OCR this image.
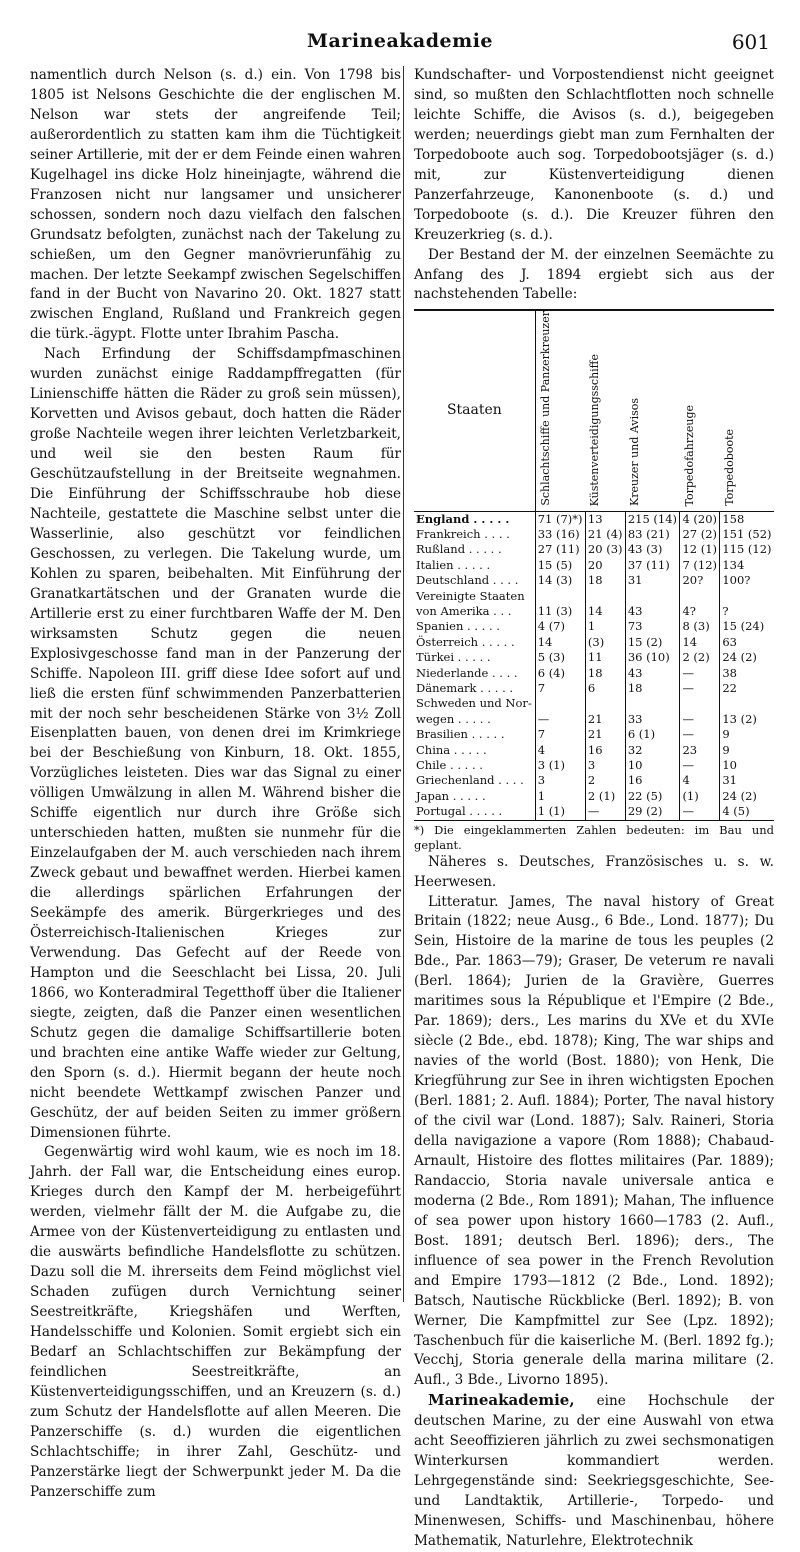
Marineakademie	601

namentlich durch Nelson (s. d.) ein. Von 1798 bis 1805 ist Nelsons Geschichte die der englischen M. Nelson war stets der angreifende Teil; außerordentlich zu statten kam ihm die Tüchtigkeit seiner Artillerie, mit der er dem Feinde einen wahren Kugelhagel ins dicke Holz hineinjagte, während die Franzosen nicht nur langsamer und unsicherer schossen, sondern noch dazu vielfach den falschen Grundsatz befolgten, zunächst nach der Takelung zu schießen, um den Gegner manövrierunfähig zu machen. Der letzte Seekampf zwischen Segelschiffen fand in der Bucht von Navarino 20. Okt. 1827 statt zwischen England, Rußland und Frankreich gegen die türk.-ägypt. Flotte unter Ibrahim Pascha.

Nach Erfindung der Schiffsdampfmaschinen wurden zunächst einige Raddampffregatten (für Linienschiffe hätten die Räder zu groß sein müssen), Korvetten und Avisos gebaut, doch hatten die Räder große Nachteile wegen ihrer leichten Verletzbarkeit, und weil sie den besten Raum für Geschützaufstellung in der Breitseite wegnahmen. Die Einführung der Schiffsschraube hob diese Nachteile, gestattete die Maschine selbst unter die Wasserlinie, also geschützt vor feindlichen Geschossen, zu verlegen. Die Takelung wurde, um Kohlen zu sparen, beibehalten. Mit Einführung der Granatkartätschen und der Granaten wurde die Artillerie erst zu einer furchtbaren Waffe der M. Den wirksamsten Schutz gegen die neuen Explosivgeschosse fand man in der Panzerung der Schiffe. Napoleon III. griff diese Idee sofort auf und ließ die ersten fünf schwimmenden Panzerbatterien mit der noch sehr bescheidenen Stärke von 3½ Zoll Eisenplatten bauen, von denen drei im Krimkriege bei der Beschießung von Kinburn, 18. Okt. 1855, Vorzügliches leisteten. Dies war das Signal zu einer völligen Umwälzung in allen M. Während bisher die Schiffe eigentlich nur durch ihre Größe sich unterschieden hatten, mußten sie nunmehr für die Einzelaufgaben der M. auch verschieden nach ihrem Zweck gebaut und bewaffnet werden. Hierbei kamen die allerdings spärlichen Erfahrungen der Seekämpfe des amerik. Bürgerkrieges und des Österreichisch-Italienischen Krieges zur Verwendung. Das Gefecht auf der Reede von Hampton und die Seeschlacht bei Lissa, 20. Juli 1866, wo Konteradmiral Tegetthoff über die Italiener siegte, zeigten, daß die Panzer einen wesentlichen Schutz gegen die damalige Schiffsartillerie boten und brachten eine antike Waffe wieder zur Geltung, den Sporn (s. d.). Hiermit begann der heute noch nicht beendete Wettkampf zwischen Panzer und Geschütz, der auf beiden Seiten zu immer größern Dimensionen führte.

Gegenwärtig wird wohl kaum, wie es noch im 18. Jahrh. der Fall war, die Entscheidung eines europ. Krieges durch den Kampf der M. herbeigeführt werden, vielmehr fällt der M. die Aufgabe zu, die Armee von der Küstenverteidigung zu entlasten und die auswärts befindliche Handelsflotte zu schützen. Dazu soll die M. ihrerseits dem Feind möglichst viel Schaden zufügen durch Vernichtung seiner Seestreitkräfte, Kriegshäfen und Werften, Handelsschiffe und Kolonien. Somit ergiebt sich ein Bedarf an Schlachtschiffen zur Bekämpfung der feindlichen Seestreitkräfte, an Küstenverteidigungsschiffen, und an Kreuzern (s. d.) zum Schutz der Handelsflotte auf allen Meeren. Die Panzerschiffe (s. d.) wurden die eigentlichen Schlachtschiffe; in ihrer Zahl, Geschütz- und Panzerstärke liegt der Schwerpunkt jeder M. Da die Panzerschiffe zum

Kundschafter- und Vorpostendienst nicht geeignet sind, so mußten den Schlachtflotten noch schnelle leichte Schiffe, die Avisos (s. d.), beigegeben werden; neuerdings giebt man zum Fernhalten der Torpedoboote auch sog. Torpedobootsjäger (s. d.) mit, zur Küstenverteidigung dienen Panzerfahrzeuge, Kanonenboote (s. d.) und Torpedoboote (s. d.). Die Kreuzer führen den Kreuzerkrieg (s. d.).

Der Bestand der M. der einzelnen Seemächte zu Anfang des J. 1894 ergiebt sich aus der nachstehenden Tabelle:

Staaten	Schlachtschiffe und Panzerkreuzer	Küstenverteidigungsschiffe	Kreuzer und Avisos	Torpedofahrzeuge	Torpedoboote
England . . . . .	71 (7)*)	13	215 (14)	4 (20)	158
Frankreich . . . .	33 (16)	21 (4)	83 (21)	27 (2)	151 (52)
Rußland . . . . .	27 (11)	20 (3)	43 (3)	12 (1)	115 (12)
Italien . . . . .	15 (5)	20	37 (11)	7 (12)	134
Deutschland . . . .	14 (3)	18	31	20?	100?
Vereinigte Staaten					
von Amerika . . .	11 (3)	14	43	4?	?
Spanien . . . . .	4 (7)	1	73	8 (3)	15 (24)
Österreich . . . . .	14	(3)	15 (2)	14	63
Türkei . . . . .	5 (3)	11	36 (10)	2 (2)	24 (2)
Niederlande . . . .	6 (4)	18	43	—	38
Dänemark . . . . .	7	6	18	—	22
Schweden und Nor-					
wegen . . . . .	—	21	33	—	13 (2)
Brasilien . . . . .	7	21	6 (1)	—	9
China . . . . .	4	16	32	23	9
Chile . . . . .	3 (1)	3	10	—	10
Griechenland . . . .	3	2	16	4	31
Japan . . . . .	1	2 (1)	22 (5)	(1)	24 (2)
Portugal . . . . .	1 (1)	—	29 (2)	—	4 (5)

*) Die eingeklammerten Zahlen bedeuten: im Bau und geplant.

Näheres s. Deutsches, Französisches u. s. w. Heerwesen.

Litteratur. James, The naval history of Great Britain (1822; neue Ausg., 6 Bde., Lond. 1877); Du Sein, Histoire de la marine de tous les peuples (2 Bde., Par. 1863—79); Graser, De veterum re navali (Berl. 1864); Jurien de la Gravière, Guerres maritimes sous la République et l'Empire (2 Bde., Par. 1869); ders., Les marins du XVe et du XVIe siècle (2 Bde., ebd. 1878); King, The war ships and navies of the world (Bost. 1880); von Henk, Die Kriegführung zur See in ihren wichtigsten Epochen (Berl. 1881; 2. Aufl. 1884); Porter, The naval history of the civil war (Lond. 1887); Salv. Raineri, Storia della navigazione a vapore (Rom 1888); Chabaud-Arnault, Histoire des flottes militaires (Par. 1889); Randaccio, Storia navale universale antica e moderna (2 Bde., Rom 1891); Mahan, The influence of sea power upon history 1660—1783 (2. Aufl., Bost. 1891; deutsch Berl. 1896); ders., The influence of sea power in the French Revolution and Empire 1793—1812 (2 Bde., Lond. 1892); Batsch, Nautische Rückblicke (Berl. 1892); B. von Werner, Die Kampfmittel zur See (Lpz. 1892); Taschenbuch für die kaiserliche M. (Berl. 1892 fg.); Vecchj, Storia generale della marina militare (2. Aufl., 3 Bde., Livorno 1895).

Marineakademie, eine Hochschule der deutschen Marine, zu der eine Auswahl von etwa acht Seeoffizieren jährlich zu zwei sechsmonatigen Winterkursen kommandiert werden. Lehrgegenstände sind: Seekriegsgeschichte, See- und Landtaktik, Artillerie-, Torpedo- und Minenwesen, Schiffs- und Maschinenbau, höhere Mathematik, Naturlehre, Elektrotechnik
